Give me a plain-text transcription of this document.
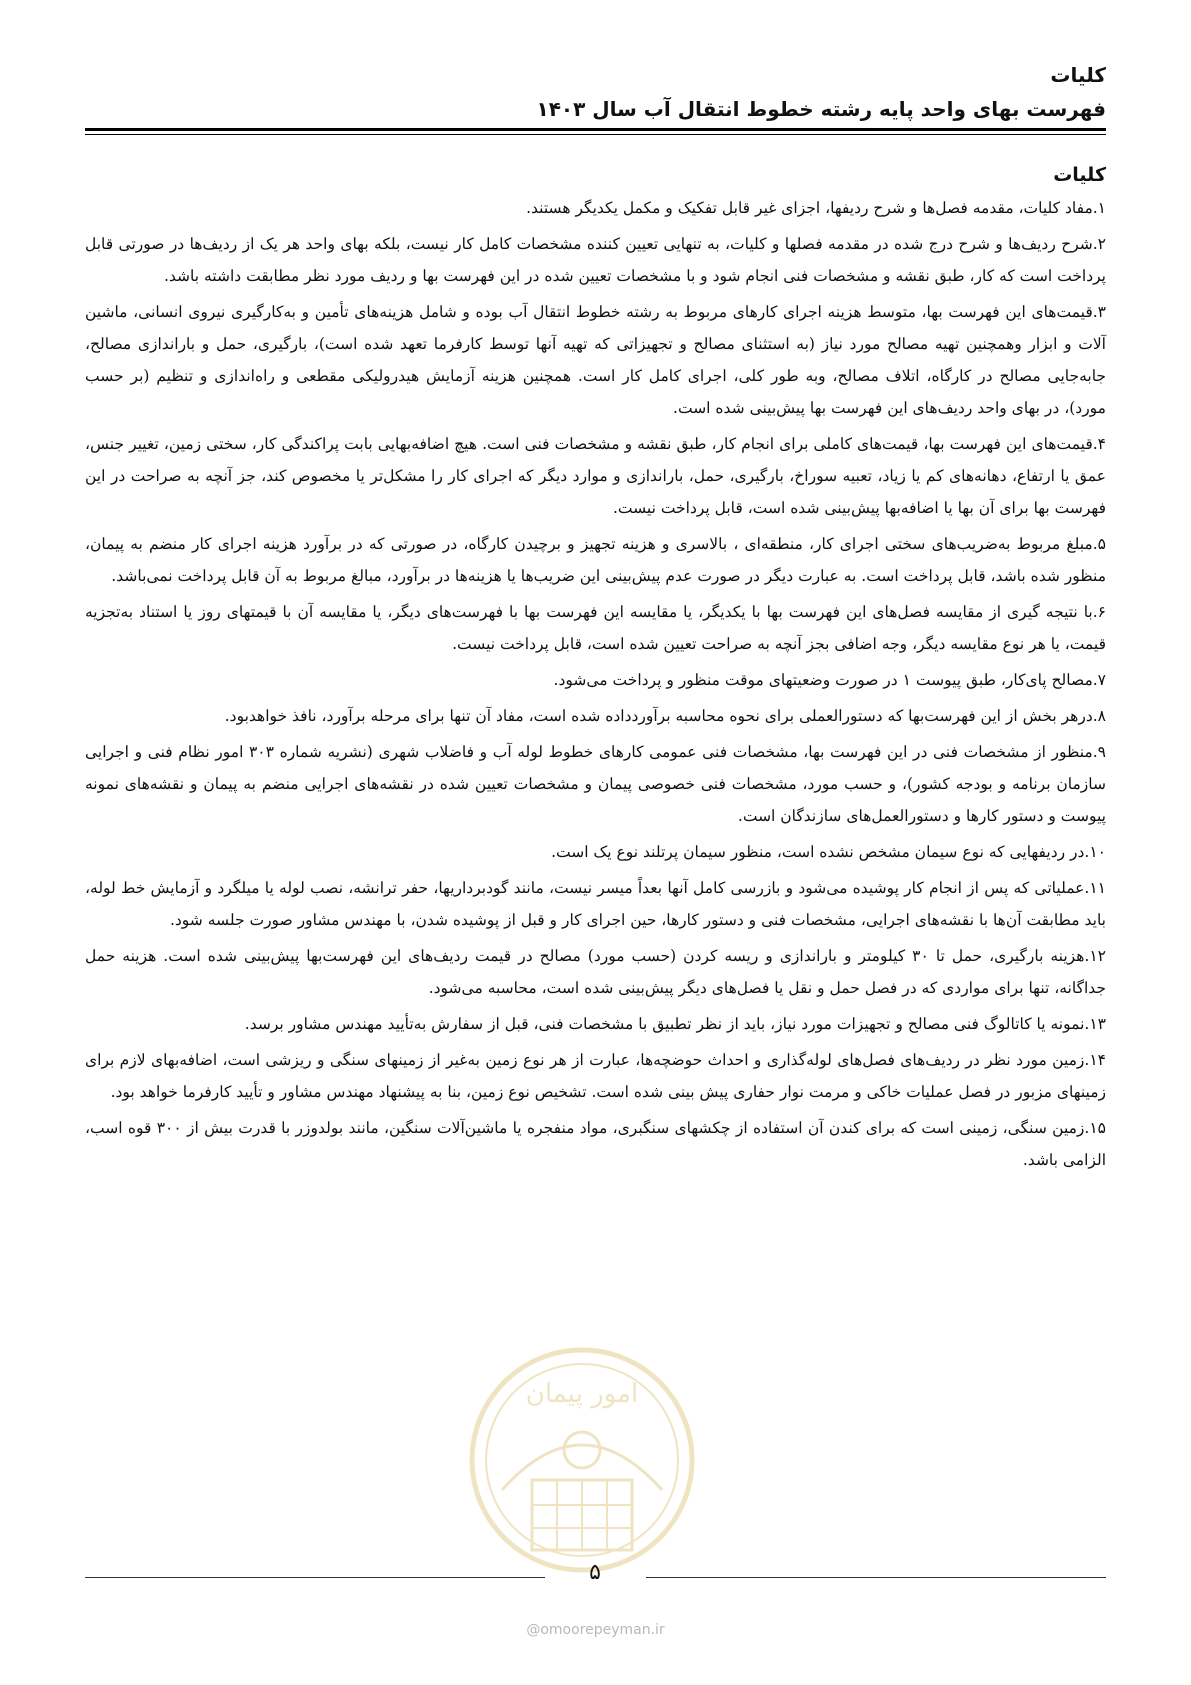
کلیات
فهرست بهای واحد پایه رشته خطوط انتقال آب سال ۱۴۰۳
کلیات

۱.مفاد کلیات، مقدمه فصل‌ها و شرح ردیفها، اجزای غیر قابل تفکیک و مکمل یکدیگر هستند.

۲.شرح ردیف‌ها و شرح درج شده در مقدمه فصلها و کلیات، به تنهایی تعیین کننده مشخصات کامل کار نیست، بلکه بهای واحد هر یک از ردیف‌ها در صورتی قابل پرداخت است که کار، طبق نقشه و مشخصات فنی انجام شود و با مشخصات تعیین شده در این فهرست بها و ردیف مورد نظر مطابقت داشته باشد.

۳.قیمت‌های این فهرست بها، متوسط هزینه اجرای کارهای مربوط به رشته خطوط انتقال آب بوده و شامل هزینه‌های تأمین و به‌کارگیری نیروی انسانی، ماشین آلات و ابزار وهمچنین تهیه مصالح مورد نیاز (به استثنای مصالح و تجهیزاتی که تهیه آنها توسط کارفرما تعهد شده است)، بارگیری، حمل و باراندازی مصالح، جابه‌جایی مصالح در کارگاه، اتلاف مصالح، وبه طور کلی، اجرای کامل کار است. همچنین هزینه آزمایش هیدرولیکی مقطعی و راه‌اندازی و تنظیم (بر حسب مورد)، در بهای واحد ردیف‌های این فهرست بها پیش‌بینی شده است.

۴.قیمت‌های این فهرست بها، قیمت‌های کاملی برای انجام کار، طبق نقشه و مشخصات فنی است. هیچ اضافه‌بهایی بابت پراکندگی کار، سختی زمین، تغییر جنس، عمق یا ارتفاع، دهانه‌های کم یا زیاد، تعبیه سوراخ، بارگیری، حمل، باراندازی و موارد دیگر که اجرای کار را مشکل‌تر یا مخصوص کند، جز آنچه به صراحت در این فهرست بها برای آن بها یا اضافه‌بها پیش‌بینی شده است، قابل پرداخت نیست.

۵.مبلغ مربوط به‌ضریب‌های سختی اجرای کار، منطقه‌ای ، بالاسری و هزینه تجهیز و برچیدن کارگاه، در صورتی که در برآورد هزینه اجرای کار منضم به پیمان، منظور شده باشد، قابل پرداخت است. به عبارت دیگر در صورت عدم پیش‌بینی این ضریب‌ها یا هزینه‌ها در برآورد، مبالغ مربوط به آن قابل پرداخت نمی‌باشد.

۶.با نتیجه گیری از مقایسه فصل‌های این فهرست بها با یکدیگر، یا مقایسه این فهرست بها با فهرست‌های دیگر، یا مقایسه آن با قیمتهای روز یا استناد به‌تجزیه قیمت، یا هر نوع مقایسه دیگر، وجه اضافی بجز آنچه به صراحت تعیین شده است، قابل پرداخت نیست.

۷.مصالح پای‌کار، طبق پیوست ۱ در صورت وضعیتهای موقت منظور و پرداخت می‌شود.

۸.درهر بخش از این فهرست‌بها که دستورالعملی برای نحوه محاسبه برآورد‌داده شده است، مفاد آن تنها برای مرحله برآورد، نافذ خواهدبود.

۹.منظور از مشخصات فنی در این فهرست بها، مشخصات فنی عمومی کارهای خطوط لوله آب و فاضلاب شهری (نشریه شماره ۳۰۳ امور نظام فنی و اجرایی سازمان برنامه و بودجه کشور)، و حسب مورد، مشخصات فنی خصوصی پیمان و مشخصات تعیین شده در نقشه‌های اجرایی منضم به پیمان و نقشه‌های نمونه پیوست و دستور کارها و دستورالعمل‌های سازندگان است.

۱۰.در ردیفهایی که نوع سیمان مشخص نشده است، منظور سیمان پرتلند نوع یک است.

۱۱.عملیاتی که پس از انجام کار پوشیده می‌شود و بازرسی کامل آنها بعداً میسر نیست، مانند گودبرداریها، حفر ترانشه، نصب لوله یا میلگرد و آزمایش خط لوله، باید مطابقت آن‌ها با نقشه‌های اجرایی، مشخصات فنی و دستور کارها، حین اجرای کار و قبل از پوشیده شدن، با مهندس مشاور صورت جلسه شود.

۱۲.هزینه بارگیری، حمل تا ۳۰ کیلومتر و باراندازی و ریسه کردن (حسب مورد) مصالح در قیمت ردیف‌های این فهرست‌بها پیش‌بینی شده است. هزینه حمل جداگانه، تنها برای مواردی که در فصل حمل و نقل یا فصل‌های دیگر پیش‌بینی شده است، محاسبه می‌شود.

۱۳.نمونه یا کاتالوگ فنی مصالح و تجهیزات مورد نیاز، باید از نظر تطبیق با مشخصات فنی، قبل از سفارش به‌تأیید مهندس مشاور برسد.

۱۴.زمین مورد نظر در ردیف‌های فصل‌های لوله‌گذاری و احداث حوضچه‌ها، عبارت از هر نوع زمین به‌غیر از زمینهای سنگی و ریزشی است، اضافه‌بهای لازم برای زمینهای مزبور در فصل عملیات خاکی و مرمت نوار حفاری پیش بینی شده است. تشخیص نوع زمین، بنا به پیشنهاد مهندس مشاور و تأیید کارفرما خواهد بود.

۱۵.زمین سنگی، زمینی است که برای کندن آن استفاده از چکشهای سنگبری، مواد منفجره یا ماشین‌آلات سنگین، مانند بولدوزر با قدرت بیش از ۳۰۰ قوه اسب، الزامی باشد.

امور پیمان
۵
@omoorepeyman.ir
